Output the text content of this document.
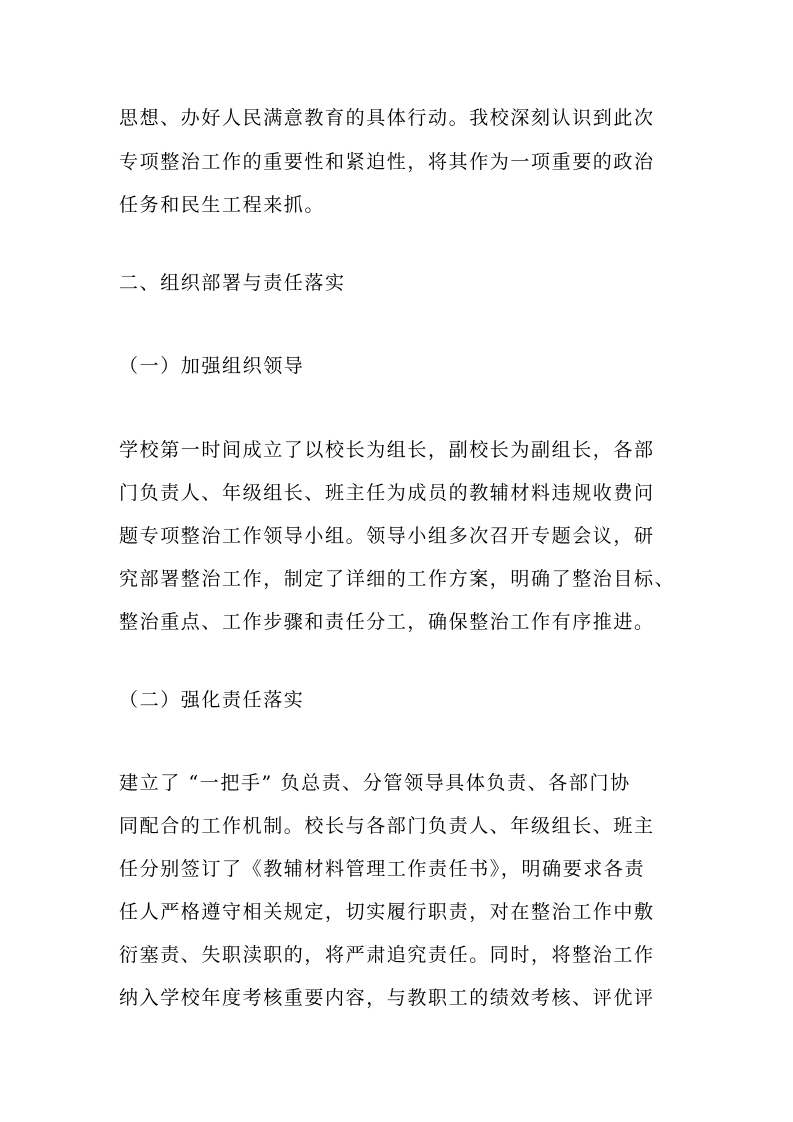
思想、办好人民满意教育的具体行动。我校深刻认识到此次
专项整治工作的重要性和紧迫性，将其作为一项重要的政治
任务和民生工程来抓。
二、组织部署与责任落实
（一）加强组织领导
学校第一时间成立了以校长为组长，副校长为副组长，各部
门负责人、年级组长、班主任为成员的教辅材料违规收费问
题专项整治工作领导小组。领导小组多次召开专题会议，研
究部署整治工作，制定了详细的工作方案，明确了整治目标、
整治重点、工作步骤和责任分工，确保整治工作有序推进。
（二）强化责任落实
建立了 “一把手” 负总责、分管领导具体负责、各部门协
同配合的工作机制。校长与各部门负责人、年级组长、班主
任分别签订了《教辅材料管理工作责任书》，明确要求各责
任人严格遵守相关规定，切实履行职责，对在整治工作中敷
衍塞责、失职渎职的，将严肃追究责任。同时，将整治工作
纳入学校年度考核重要内容，与教职工的绩效考核、评优评
